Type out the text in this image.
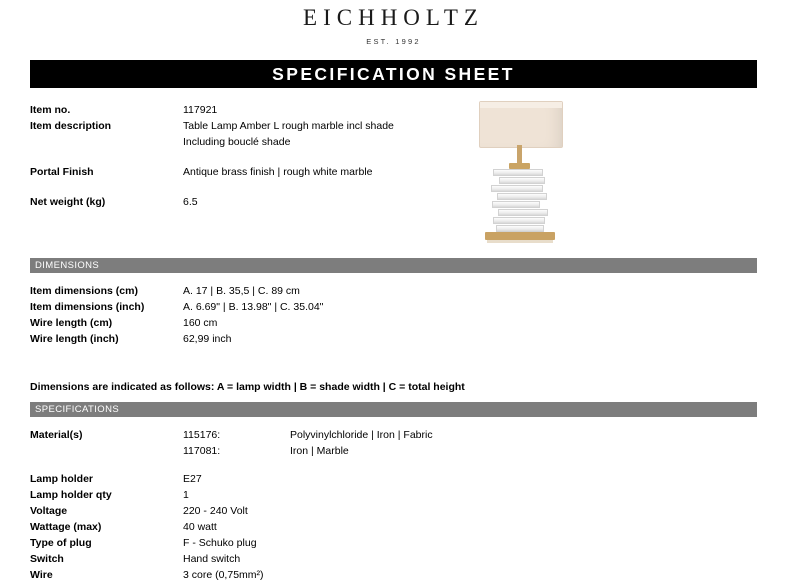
EICHHOLTZ
EST. 1992
SPECIFICATION SHEET
Item no.	117921
Item description	Table Lamp Amber L rough marble incl shade
Including bouclé shade
Portal Finish	Antique brass finish | rough white marble
Net weight (kg)	6.5
DIMENSIONS
Item dimensions (cm)	A. 17 | B. 35,5 | C. 89 cm
Item dimensions (inch)	A. 6.69" | B. 13.98" | C. 35.04"
Wire length (cm)	160 cm
Wire length (inch)	62,99 inch
Dimensions are indicated as follows: A = lamp width | B = shade width | C = total height
SPECIFICATIONS
Material(s)	115176:	Polyvinylchloride | Iron | Fabric
117081:	Iron | Marble
Lamp holder	E27
Lamp holder qty	1
Voltage	220 - 240 Volt
Wattage (max)	40 watt
Type of plug	F - Schuko plug
Switch	Hand switch
Wire	3 core (0,75mm²)
